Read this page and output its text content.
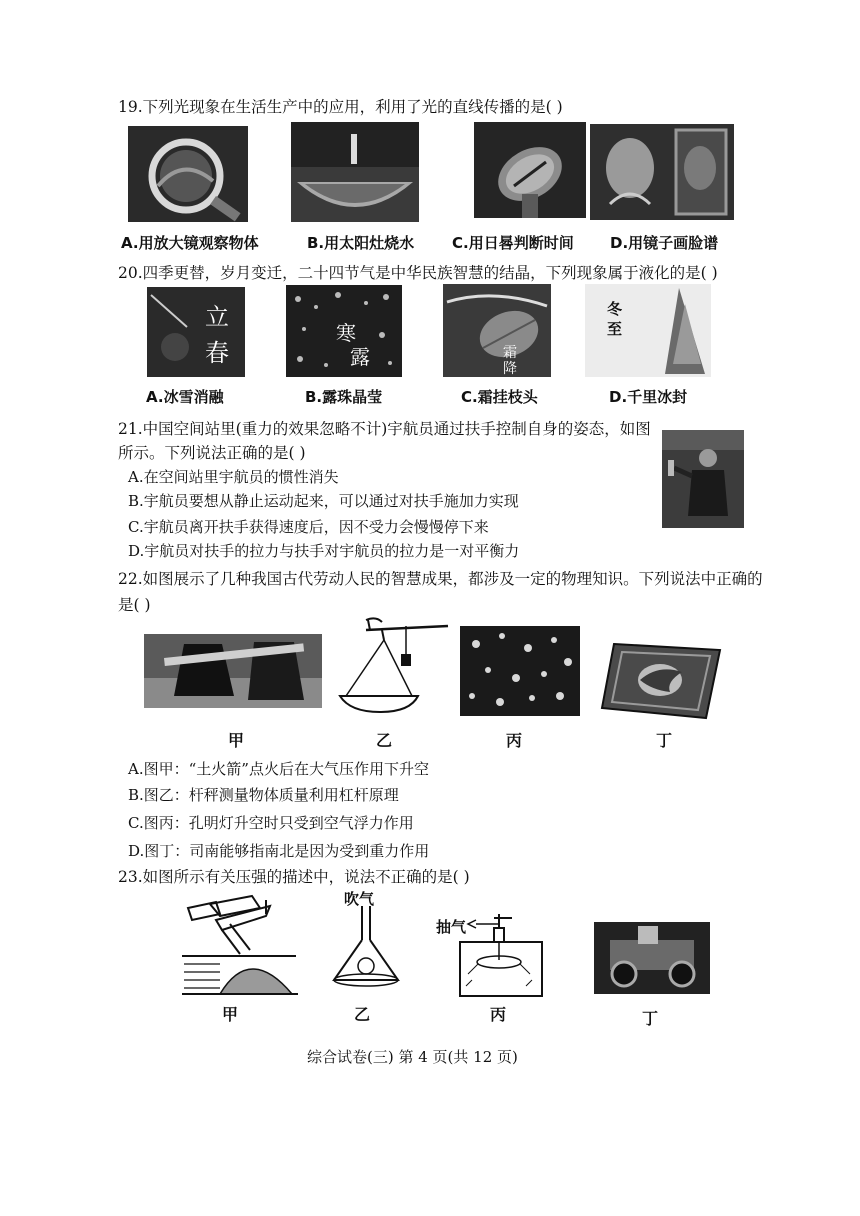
19.下列光现象在生活生产中的应用，利用了光的直线传播的是( )
A.用放大镜观察物体	B.用太阳灶烧水	C.用日晷判断时间 D.用镜子画脸谱
20.四季更替，岁月变迁，二十四节气是中华民族智慧的结晶，下列现象属于液化的是( )
立
春
寒
露	霜
降
冬
至
A.冰雪消融	B.露珠晶莹	C.霜挂枝头	D.千里冰封
21.中国空间站里(重力的效果忽略不计)宇航员通过扶手控制自身的姿态，如图
所示。下列说法正确的是( )
A.在空间站里宇航员的惯性消失
B.宇航员要想从静止运动起来，可以通过对扶手施加力实现
C.宇航员离开扶手获得速度后，因不受力会慢慢停下来
D.宇航员对扶手的拉力与扶手对宇航员的拉力是一对平衡力
22.如图展示了几种我国古代劳动人民的智慧成果，都涉及一定的物理知识。下列说法中正确的
是( )
甲	乙	丙	丁
A.图甲：“土火箭”点火后在大气压作用下升空
B.图乙：杆秤测量物体质量利用杠杆原理
C.图丙：孔明灯升空时只受到空气浮力作用
D.图丁：司南能够指南北是因为受到重力作用
23.如图所示有关压强的描述中，说法不正确的是( )
吹气
抽气
甲	乙	丙	丁
综合试卷(三) 第 4 页(共 12 页)
